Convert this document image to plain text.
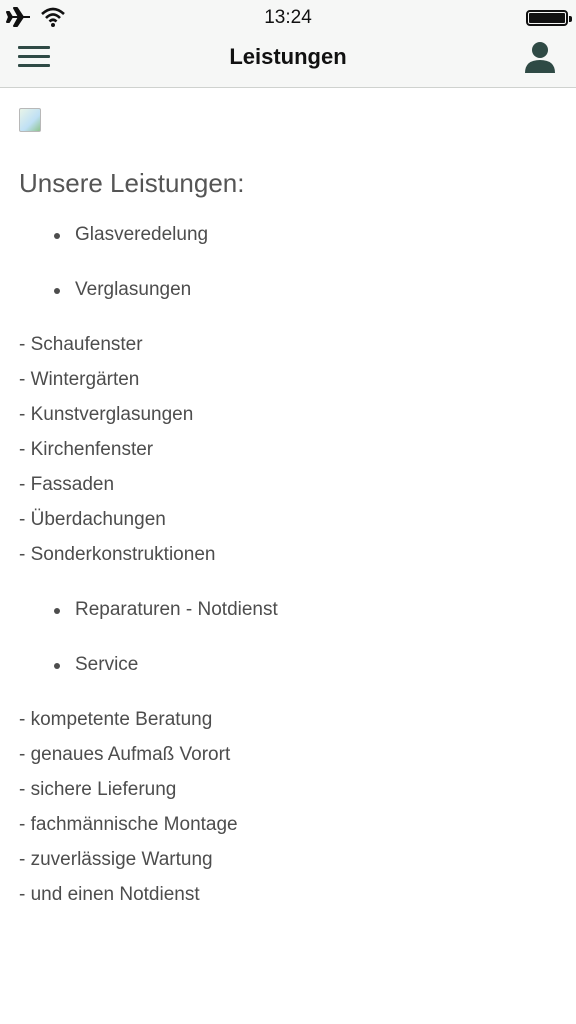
13:24
Leistungen
Unsere Leistungen:
Glasveredelung
Verglasungen
- Schaufenster
- Wintergärten
- Kunstverglasungen
- Kirchenfenster
- Fassaden
- Überdachungen
- Sonderkonstruktionen
Reparaturen - Notdienst
Service
- kompetente Beratung
- genaues Aufmaß Vorort
- sichere Lieferung
- fachmännische Montage
- zuverlässige Wartung
- und einen Notdienst
